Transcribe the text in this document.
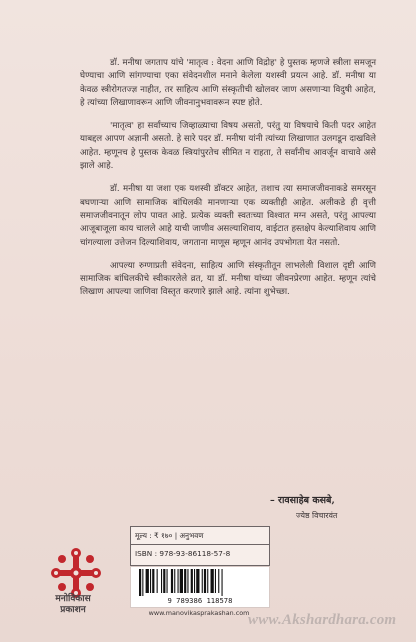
डॉ. मनीषा जगताप यांचे 'मातृत्व : वेदना आणि विद्रोह' हे पुस्तक म्हणजे स्त्रीला समजून घेण्याचा आणि सांगण्याचा एका संवेदनशील मनाने केलेला यशस्वी प्रयत्न आहे. डॉ. मनीषा या केवळ स्त्रीरोगतज्ज्ञ नाहीत, तर साहित्य आणि संस्कृतीची खोलवर जाण असणाऱ्या विदुषी आहेत, हे त्यांच्या लिखाणावरून आणि जीवनानुभवावरून स्पष्ट होते.

'मातृत्व' हा सर्वांच्याच जिव्हाळ्याचा विषय असतो, परंतु या विषयाचे किती पदर आहेत याबद्दल आपण अज्ञानी असतो. हे सारे पदर डॉ. मनीषा यांनी त्यांच्या लिखाणात उलगडून दाखविले आहेत. म्हणूनच हे पुस्तक केवळ स्त्रियांपुरतेच सीमित न राहता, ते सर्वांनीच आवर्जून वाचावे असे झाले आहे.

डॉ. मनीषा या जशा एक यशस्वी डॉक्टर आहेत, तशाच त्या समाजजीवनाकडे समरसून बघणाऱ्या आणि सामाजिक बांधिलकी मानणाऱ्या एक व्यक्तीही आहेत. अलीकडे ही वृत्ती समाजजीवनातून लोप पावत आहे. प्रत्येक व्यक्ती स्वतःच्या विश्वात मग्न असते, परंतु आपल्या आजूबाजूला काय चालले आहे याची जाणीव असल्याशिवाय, वाईटात हस्तक्षेप केल्याशिवाय आणि चांगल्याला उत्तेजन दिल्याशिवाय, जगताना माणूस म्हणून आनंद उपभोगता येत नसतो.

आपल्या रुग्णाप्रती संवेदना, साहित्य आणि संस्कृतीतून लाभलेली विशाल दृष्टी आणि सामाजिक बांधिलकीचे स्वीकारलेले व्रत, या डॉ. मनीषा यांच्या जीवनप्रेरणा आहेत. म्हणून त्यांचे लिखाण आपल्या जाणिवा विस्तृत करणारे झाले आहे. त्यांना शुभेच्छा.

– रावसाहेब कसबे,
ज्येष्ठ विचारवंत
मनोविकास
प्रकाशन
मूल्य : ₹ १७० | अनुभवण
ISBN : 978-93-86118-57-8
9 789386 118578
www.manovikasprakashan.com
www.Akshardhara.com
